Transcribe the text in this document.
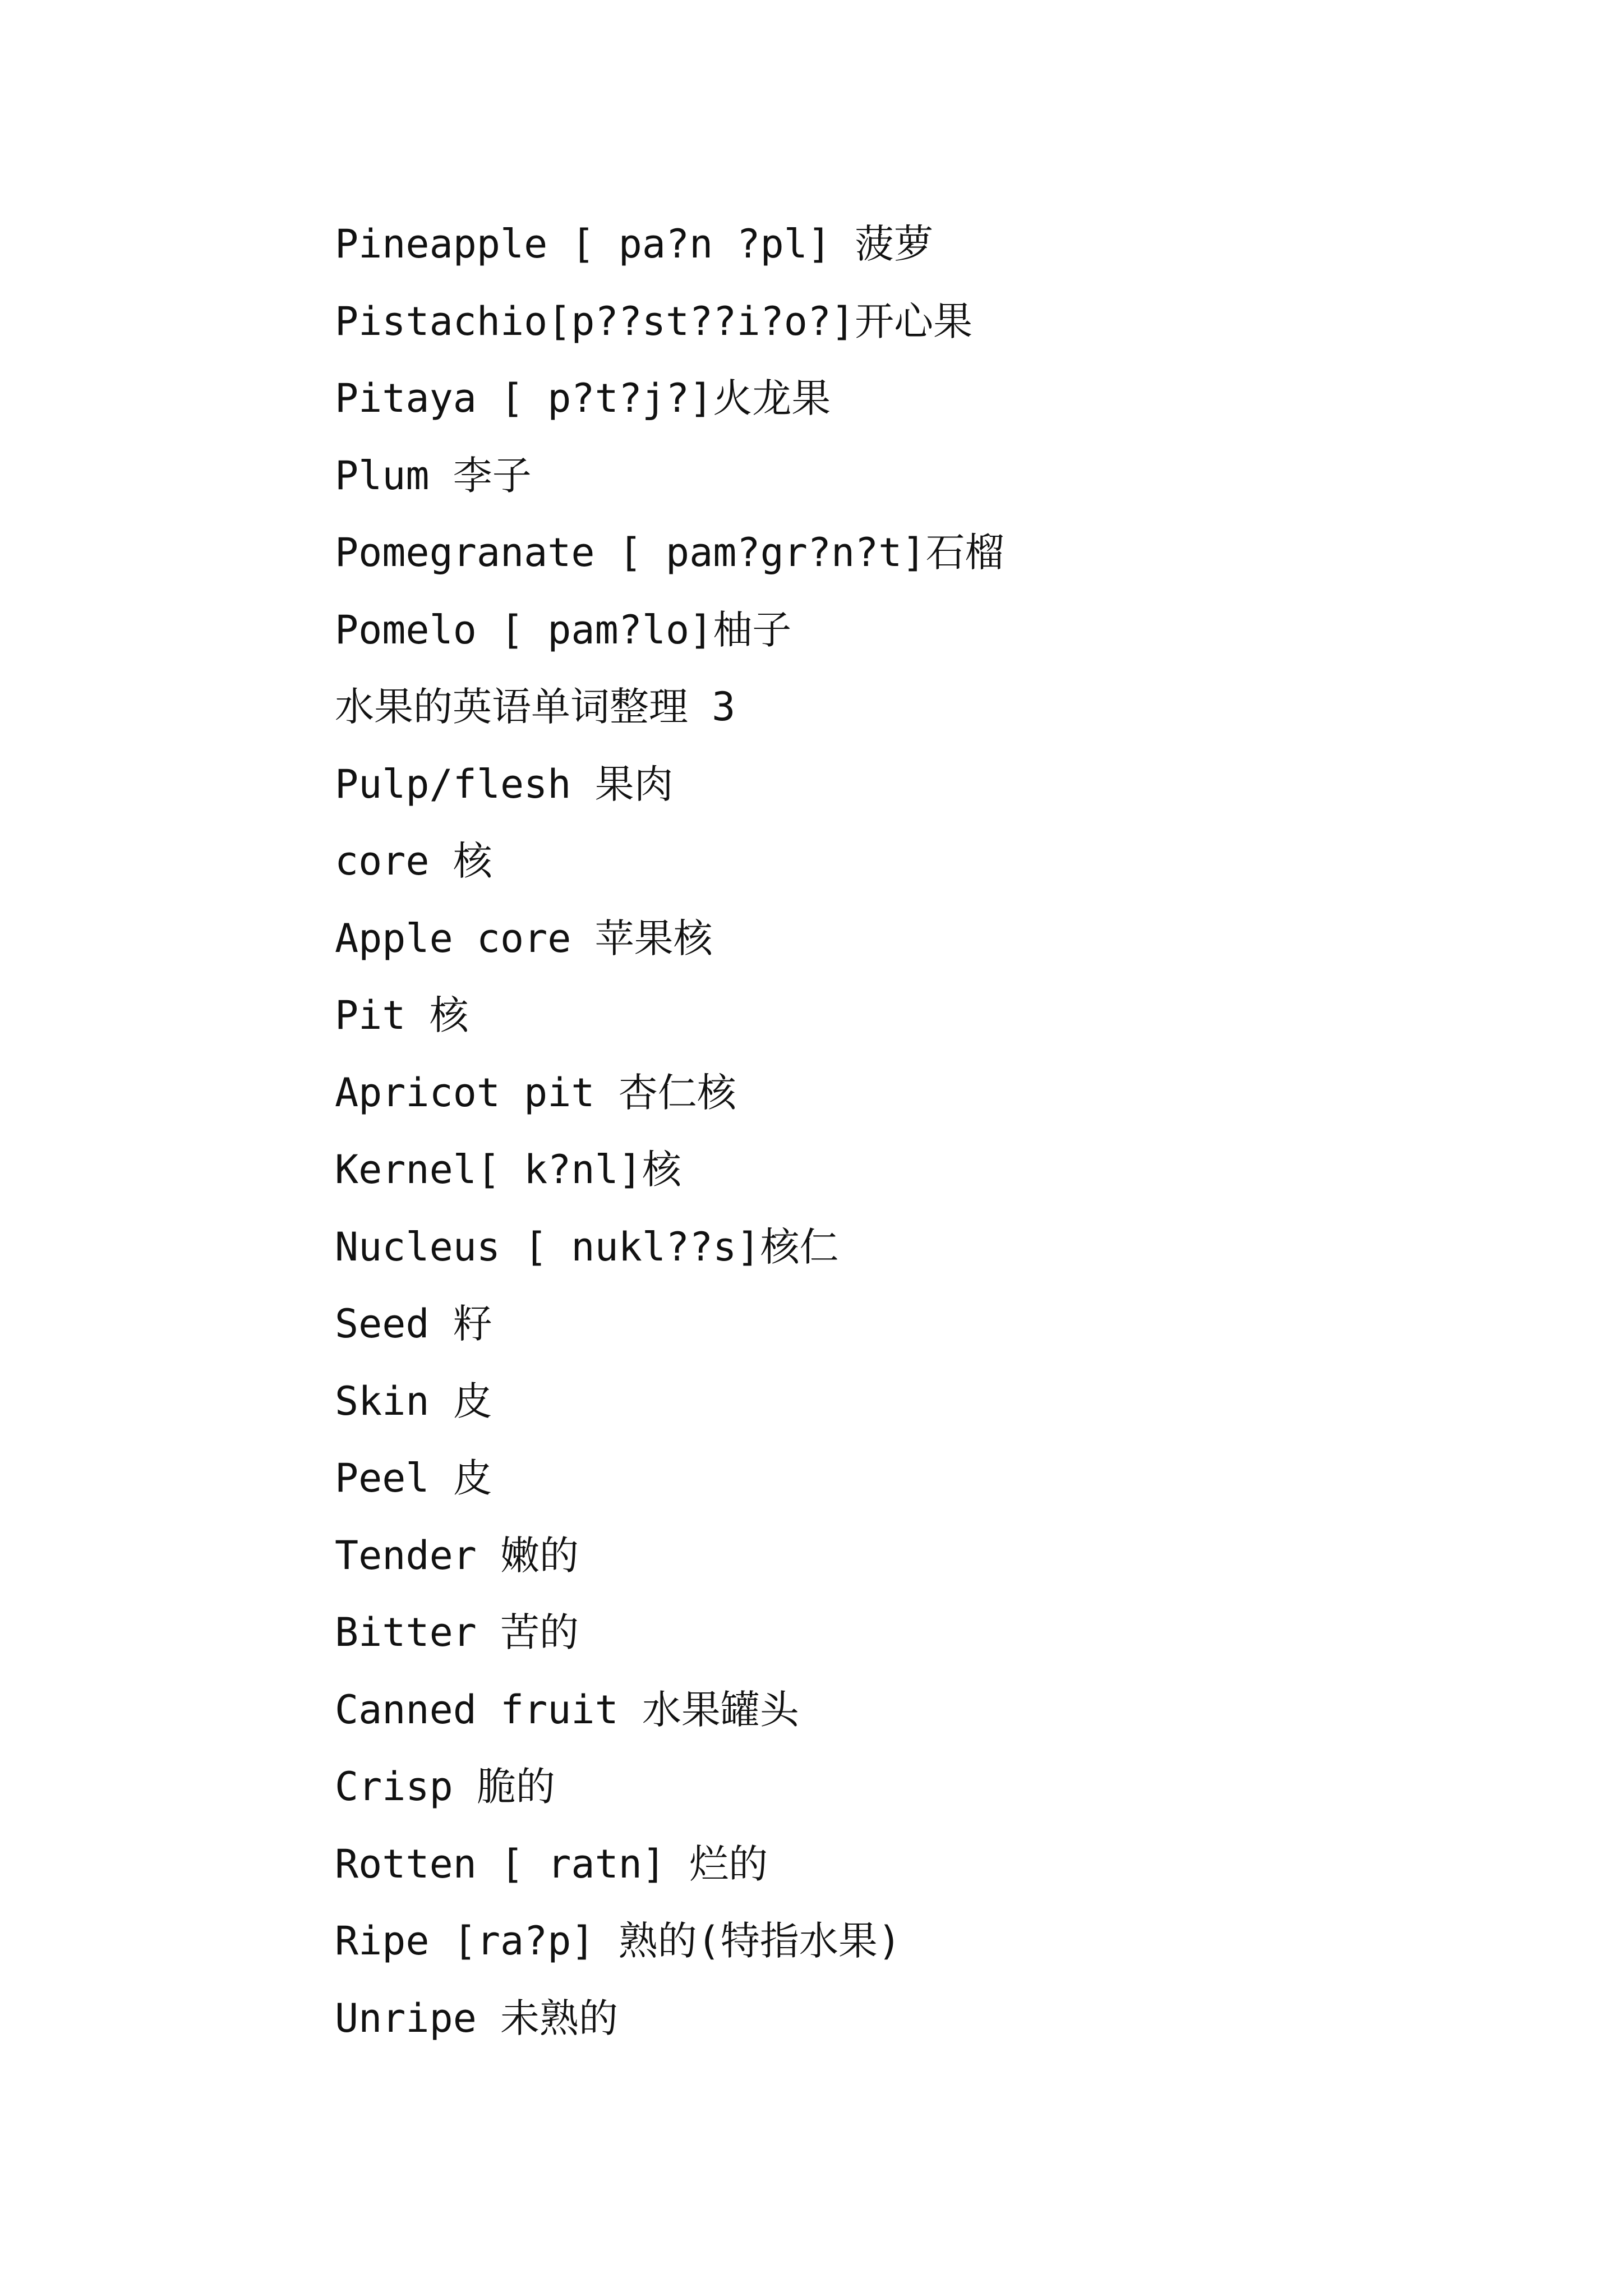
Pineapple [ pa?n ?pl] 菠萝
Pistachio[p??st??i?o?]开心果
Pitaya [ p?t?j?]火龙果
Plum 李子
Pomegranate [ pam?gr?n?t]石榴
Pomelo [ pam?lo]柚子
水果的英语单词整理 3
Pulp/flesh 果肉
core 核
Apple core 苹果核
Pit 核
Apricot pit 杏仁核
Kernel[ k?nl]核
Nucleus [ nukl??s]核仁
Seed 籽
Skin 皮
Peel 皮
Tender 嫩的
Bitter 苦的
Canned fruit 水果罐头
Crisp 脆的
Rotten [ ratn] 烂的
Ripe [ra?p] 熟的(特指水果)
Unripe 未熟的
